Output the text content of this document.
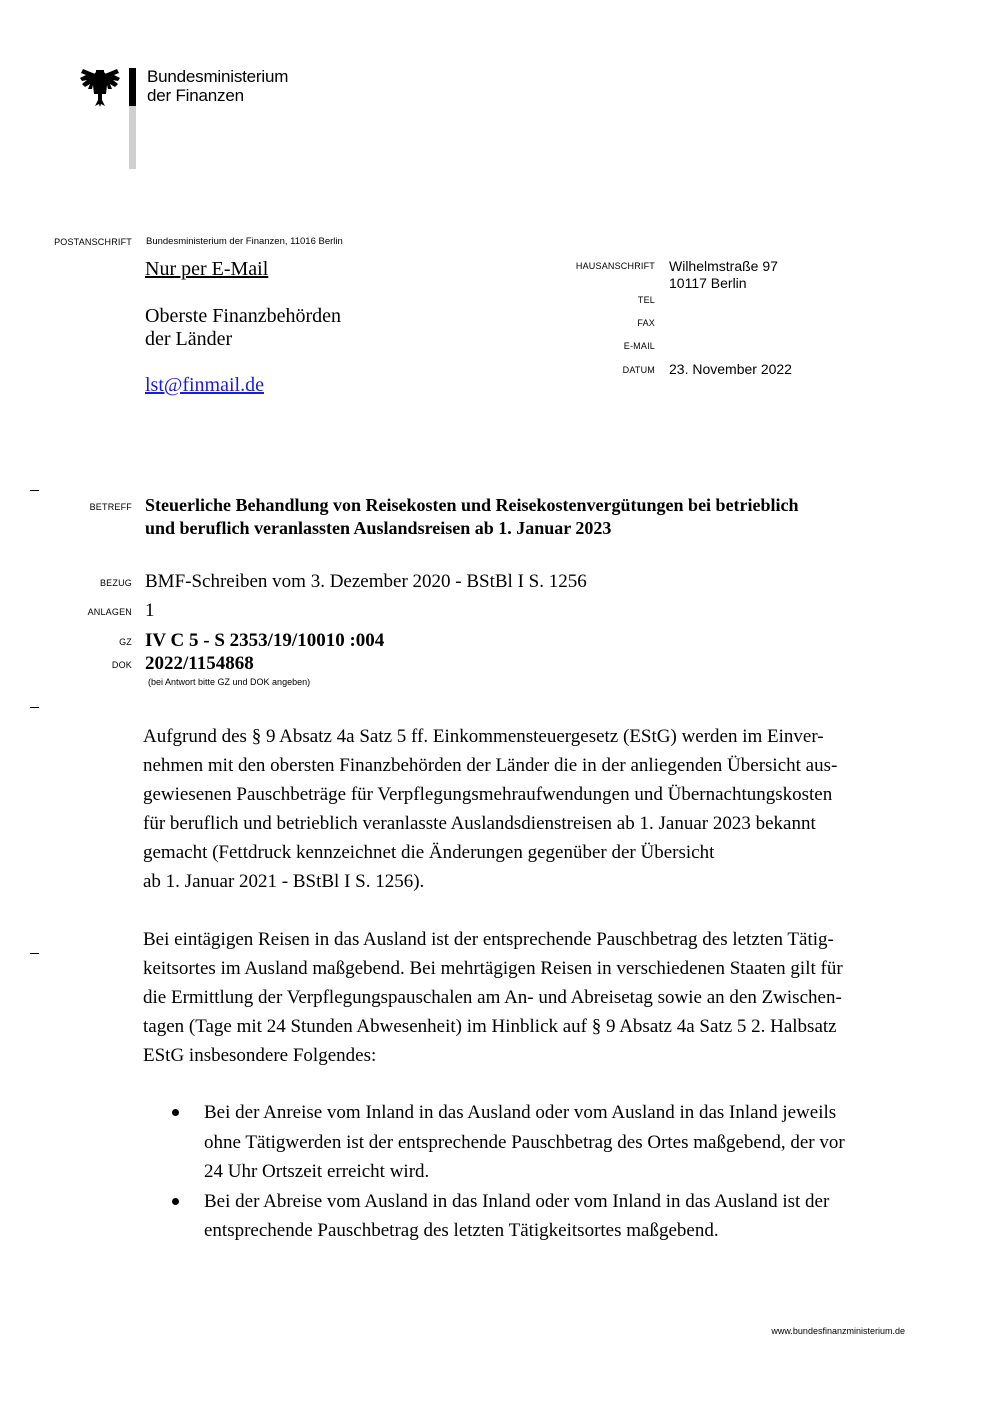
Bundesministerium
der Finanzen
POSTANSCHRIFT Bundesministerium der Finanzen, 11016 Berlin
Nur per E-Mail
Oberste Finanzbehörden
der Länder
lst@finmail.de
HAUSANSCHRIFT Wilhelmstraße 97
10117 Berlin
TEL
FAX
E-MAIL
DATUM 23. November 2022
BETREFF Steuerliche Behandlung von Reisekosten und Reisekostenvergütungen bei betrieblich
und beruflich veranlassten Auslandsreisen ab 1. Januar 2023
BEZUG BMF-Schreiben vom 3. Dezember 2020 - BStBl I S. 1256
ANLAGEN 1
GZ IV C 5 - S 2353/19/10010 :004
DOK 2022/1154868
(bei Antwort bitte GZ und DOK angeben)
Aufgrund des § 9 Absatz 4a Satz 5 ff. Einkommensteuergesetz (EStG) werden im Einver-
nehmen mit den obersten Finanzbehörden der Länder die in der anliegenden Übersicht aus-
gewiesenen Pauschbeträge für Verpflegungsmehraufwendungen und Übernachtungskosten
für beruflich und betrieblich veranlasste Auslandsdienstreisen ab 1. Januar 2023 bekannt
gemacht (Fettdruck kennzeichnet die Änderungen gegenüber der Übersicht
ab 1. Januar 2021 - BStBl I S. 1256).
Bei eintägigen Reisen in das Ausland ist der entsprechende Pauschbetrag des letzten Tätig-
keitsortes im Ausland maßgebend. Bei mehrtägigen Reisen in verschiedenen Staaten gilt für
die Ermittlung der Verpflegungspauschalen am An- und Abreisetag sowie an den Zwischen-
tagen (Tage mit 24 Stunden Abwesenheit) im Hinblick auf § 9 Absatz 4a Satz 5 2. Halbsatz
EStG insbesondere Folgendes:
Bei der Anreise vom Inland in das Ausland oder vom Ausland in das Inland jeweils
ohne Tätigwerden ist der entsprechende Pauschbetrag des Ortes maßgebend, der vor
24 Uhr Ortszeit erreicht wird.
Bei der Abreise vom Ausland in das Inland oder vom Inland in das Ausland ist der
entsprechende Pauschbetrag des letzten Tätigkeitsortes maßgebend.
www.bundesfinanzministerium.de
